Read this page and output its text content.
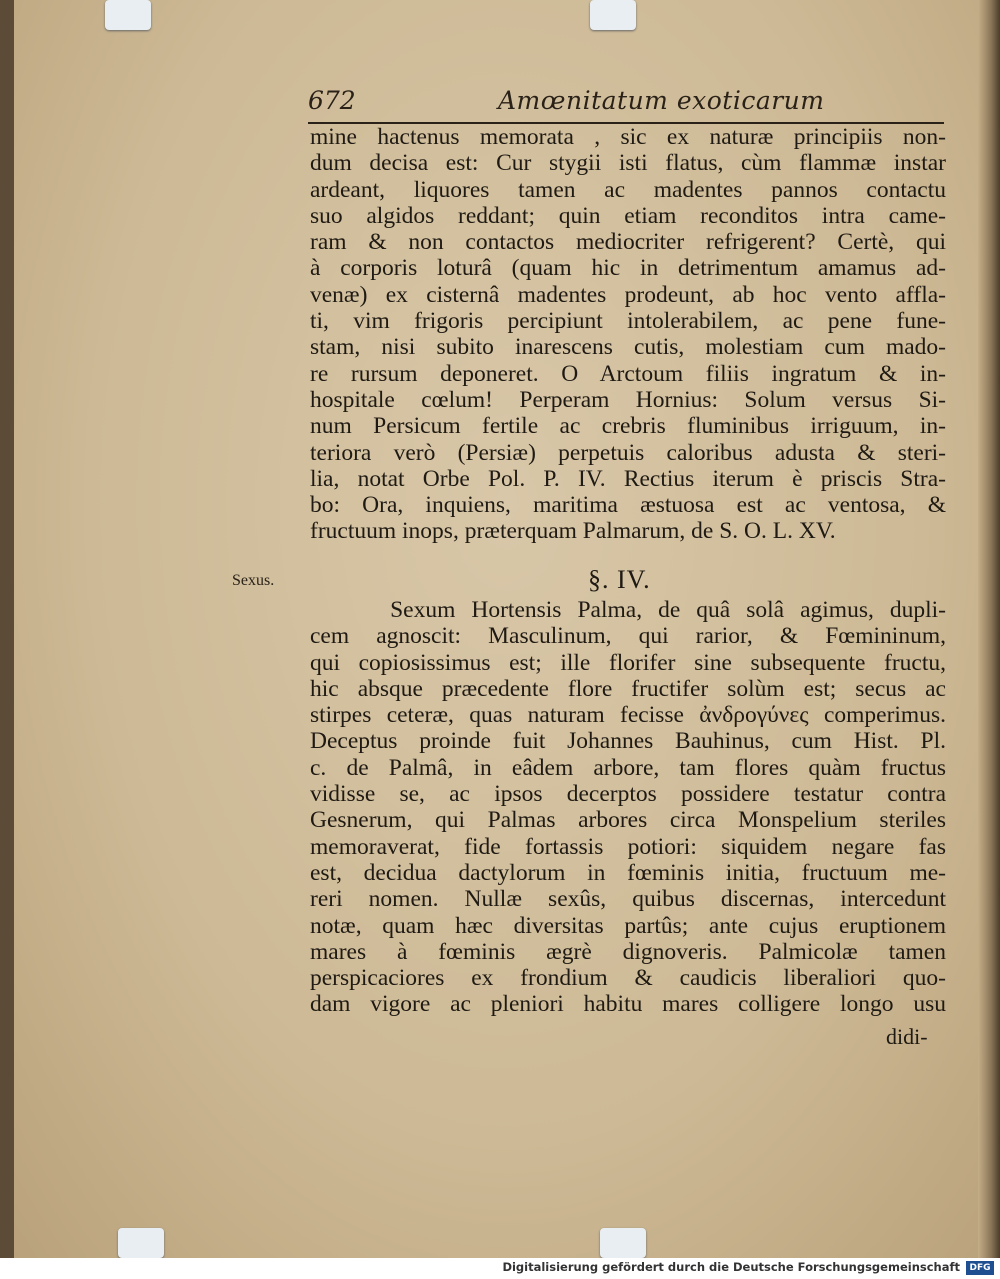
672	Amœnitatum exoticarum
mine hactenus memorata , sic ex naturæ principiis non-
dum decisa est: Cur stygii isti flatus, cùm flammæ instar
ardeant, liquores tamen ac madentes pannos contactu
suo algidos reddant; quin etiam reconditos intra came-
ram & non contactos mediocriter refrigerent? Certè, qui
à corporis loturâ (quam hic in detrimentum amamus ad-
venæ) ex cisternâ madentes prodeunt, ab hoc vento affla-
ti, vim frigoris percipiunt intolerabilem, ac pene fune-
stam, nisi subito inarescens cutis, molestiam cum mado-
re rursum deponeret. O Arctoum filiis ingratum & in-
hospitale cœlum! Perperam Hornius: Solum versus Si-
num Persicum fertile ac crebris fluminibus irriguum, in-
teriora verò (Persiæ) perpetuis caloribus adusta & steri-
lia, notat Orbe Pol. P. IV. Rectius iterum è priscis Stra-
bo: Ora, inquiens, maritima æstuosa est ac ventosa, &
fructuum inops, præterquam Palmarum, de S. O. L. XV.
Sexus.	§. IV.
Sexum Hortensis Palma, de quâ solâ agimus, dupli-
cem agnoscit: Masculinum, qui rarior, & Fœmininum,
qui copiosissimus est; ille florifer sine subsequente fructu,
hic absque præcedente flore fructifer solùm est; secus ac
stirpes ceteræ, quas naturam fecisse ἀνδρογύνες comperimus.
Deceptus proinde fuit Johannes Bauhinus, cum Hist. Pl.
c. de Palmâ, in eâdem arbore, tam flores quàm fructus
vidisse se, ac ipsos decerptos possidere testatur contra
Gesnerum, qui Palmas arbores circa Monspelium steriles
memoraverat, fide fortassis potiori: siquidem negare fas
est, decidua dactylorum in fœminis initia, fructuum me-
reri nomen. Nullæ sexûs, quibus discernas, intercedunt
notæ, quam hæc diversitas partûs; ante cujus eruptionem
mares à fœminis ægrè dignoveris. Palmicolæ tamen
perspicaciores ex frondium & caudicis liberaliori quo-
dam vigore ac pleniori habitu mares colligere longo usu
didi-
Digitalisierung gefördert durch die Deutsche Forschungsgemeinschaft	DFG
